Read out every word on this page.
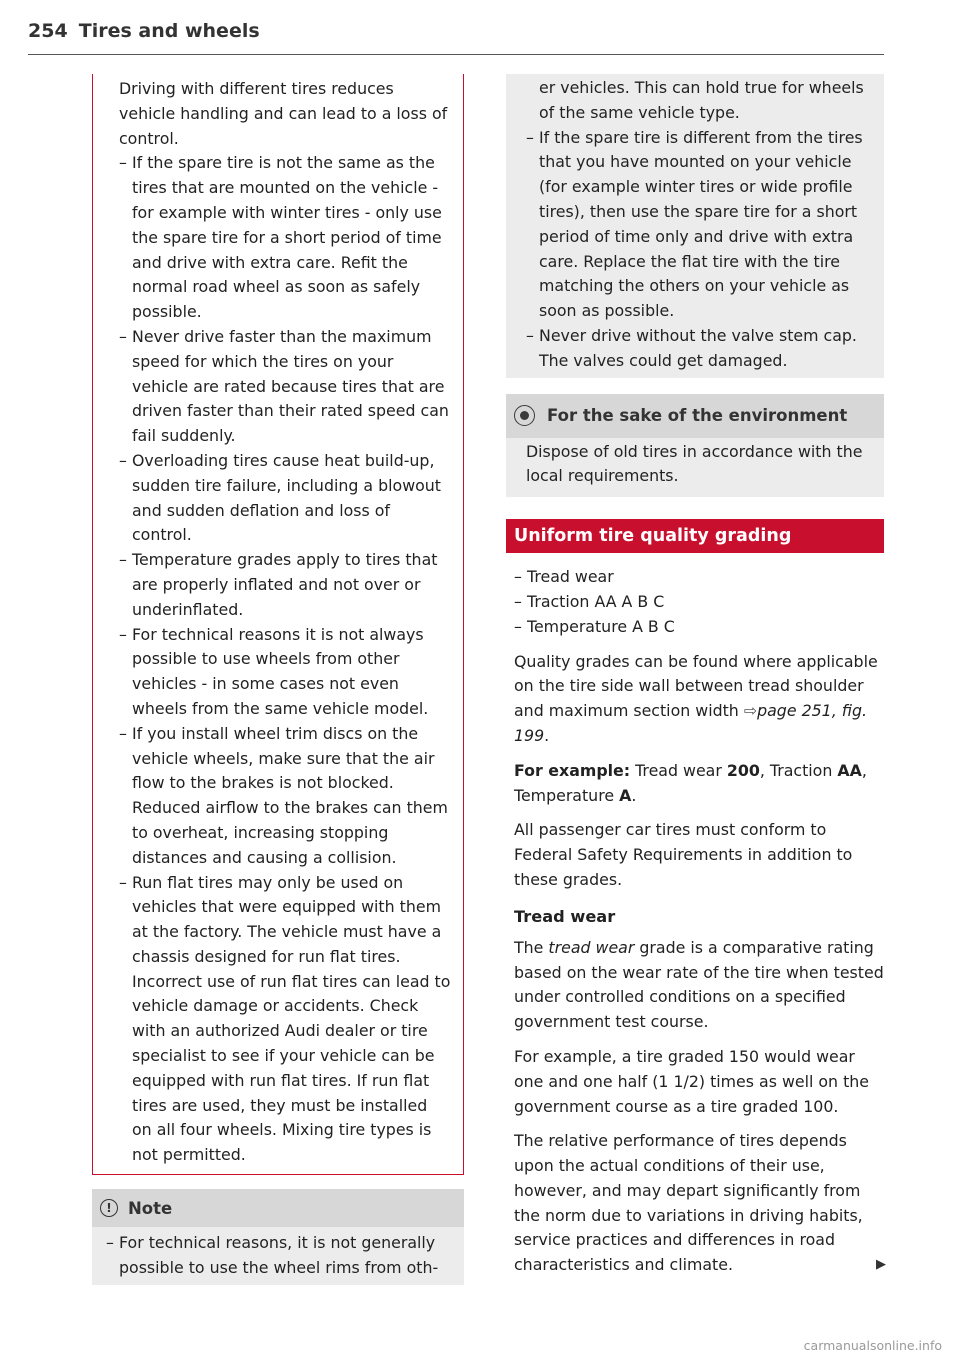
254 Tires and wheels

Driving with different tires reduces vehicle handling and can lead to a loss of control.

– If the spare tire is not the same as the tires that are mounted on the vehicle - for example with winter tires - only use the spare tire for a short period of time and drive with extra care. Refit the normal road wheel as soon as safely possible.
– Never drive faster than the maximum speed for which the tires on your vehicle are rated because tires that are driven faster than their rated speed can fail suddenly.
– Overloading tires cause heat build-up, sudden tire failure, including a blowout and sudden deflation and loss of control.
– Temperature grades apply to tires that are properly inflated and not over or underinflated.
– For technical reasons it is not always possible to use wheels from other vehicles - in some cases not even wheels from the same vehicle model.
– If you install wheel trim discs on the vehicle wheels, make sure that the air flow to the brakes is not blocked. Reduced airflow to the brakes can them to overheat, increasing stopping distances and causing a collision.
– Run flat tires may only be used on vehicles that were equipped with them at the factory. The vehicle must have a chassis designed for run flat tires. Incorrect use of run flat tires can lead to vehicle damage or accidents. Check with an authorized Audi dealer or tire specialist to see if your vehicle can be equipped with run flat tires. If run flat tires are used, they must be installed on all four wheels. Mixing tire types is not permitted.
! Note
– For technical reasons, it is not generally possible to use the wheel rims from oth-

er vehicles. This can hold true for wheels of the same vehicle type.

– If the spare tire is different from the tires that you have mounted on your vehicle (for example winter tires or wide profile tires), then use the spare tire for a short period of time only and drive with extra care. Replace the flat tire with the tire matching the others on your vehicle as soon as possible.
– Never drive without the valve stem cap. The valves could get damaged.
For the sake of the environment

Dispose of old tires in accordance with the local requirements.

Uniform tire quality grading
– Tread wear
– Traction AA A B C
– Temperature A B C

Quality grades can be found where applicable on the tire side wall between tread shoulder and maximum section width ⇨page 251, fig. 199.

For example: Tread wear 200, Traction AA, Temperature A.

All passenger car tires must conform to Federal Safety Requirements in addition to these grades.

Tread wear

The tread wear grade is a comparative rating based on the wear rate of the tire when tested under controlled conditions on a specified government test course.

For example, a tire graded 150 would wear one and one half (1 1/2) times as well on the government course as a tire graded 100.

The relative performance of tires depends upon the actual conditions of their use, however, and may depart significantly from the norm due to variations in driving habits, service practices and differences in road characteristics and climate.	▶
carmanualsonline.info
